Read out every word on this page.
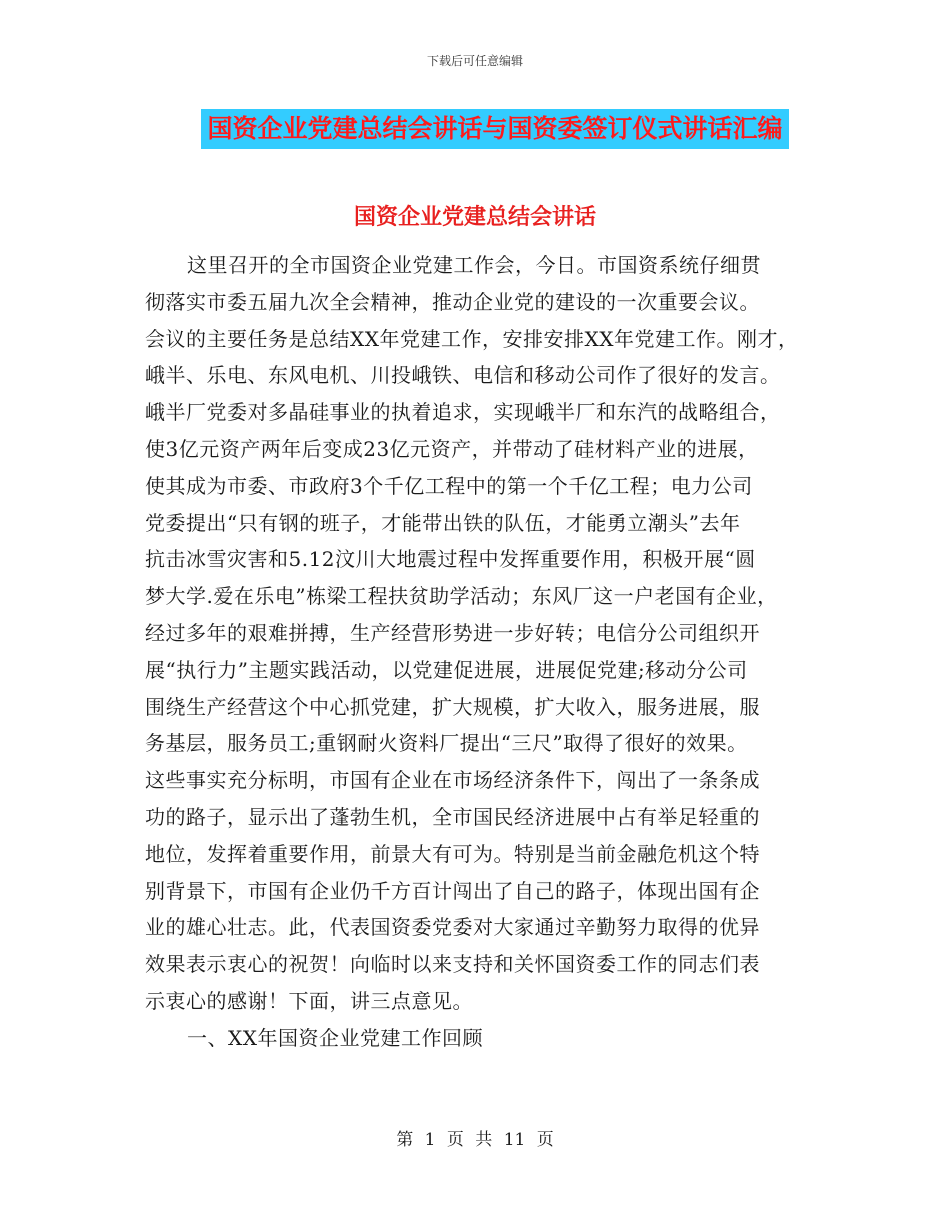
下载后可任意编辑
国资企业党建总结会讲话与国资委签订仪式讲话汇编
国资企业党建总结会讲话
这里召开的全市国资企业党建工作会，今日。市国资系统仔细贯
彻落实市委五届九次全会精神，推动企业党的建设的一次重要会议。
会议的主要任务是总结XX年党建工作，安排安排XX年党建工作。刚才，
峨半、乐电、东风电机、川投峨铁、电信和移动公司作了很好的发言。
峨半厂党委对多晶硅事业的执着追求，实现峨半厂和东汽的战略组合，
使3亿元资产两年后变成23亿元资产，并带动了硅材料产业的进展，
使其成为市委、市政府3个千亿工程中的第一个千亿工程；电力公司
党委提出“只有钢的班子，才能带出铁的队伍，才能勇立潮头”去年
抗击冰雪灾害和5.12汶川大地震过程中发挥重要作用，积极开展“圆
梦大学.爱在乐电”栋梁工程扶贫助学活动；东风厂这一户老国有企业，
经过多年的艰难拼搏，生产经营形势进一步好转；电信分公司组织开
展“执行力”主题实践活动，以党建促进展，进展促党建;移动分公司
围绕生产经营这个中心抓党建，扩大规模，扩大收入，服务进展，服
务基层，服务员工;重钢耐火资料厂提出“三尺”取得了很好的效果。
这些事实充分标明，市国有企业在市场经济条件下，闯出了一条条成
功的路子，显示出了蓬勃生机，全市国民经济进展中占有举足轻重的
地位，发挥着重要作用，前景大有可为。特别是当前金融危机这个特
别背景下，市国有企业仍千方百计闯出了自己的路子，体现出国有企
业的雄心壮志。此，代表国资委党委对大家通过辛勤努力取得的优异
效果表示衷心的祝贺！向临时以来支持和关怀国资委工作的同志们表
示衷心的感谢！下面，讲三点意见。
一、XX年国资企业党建工作回顾
第 1 页 共 11 页
